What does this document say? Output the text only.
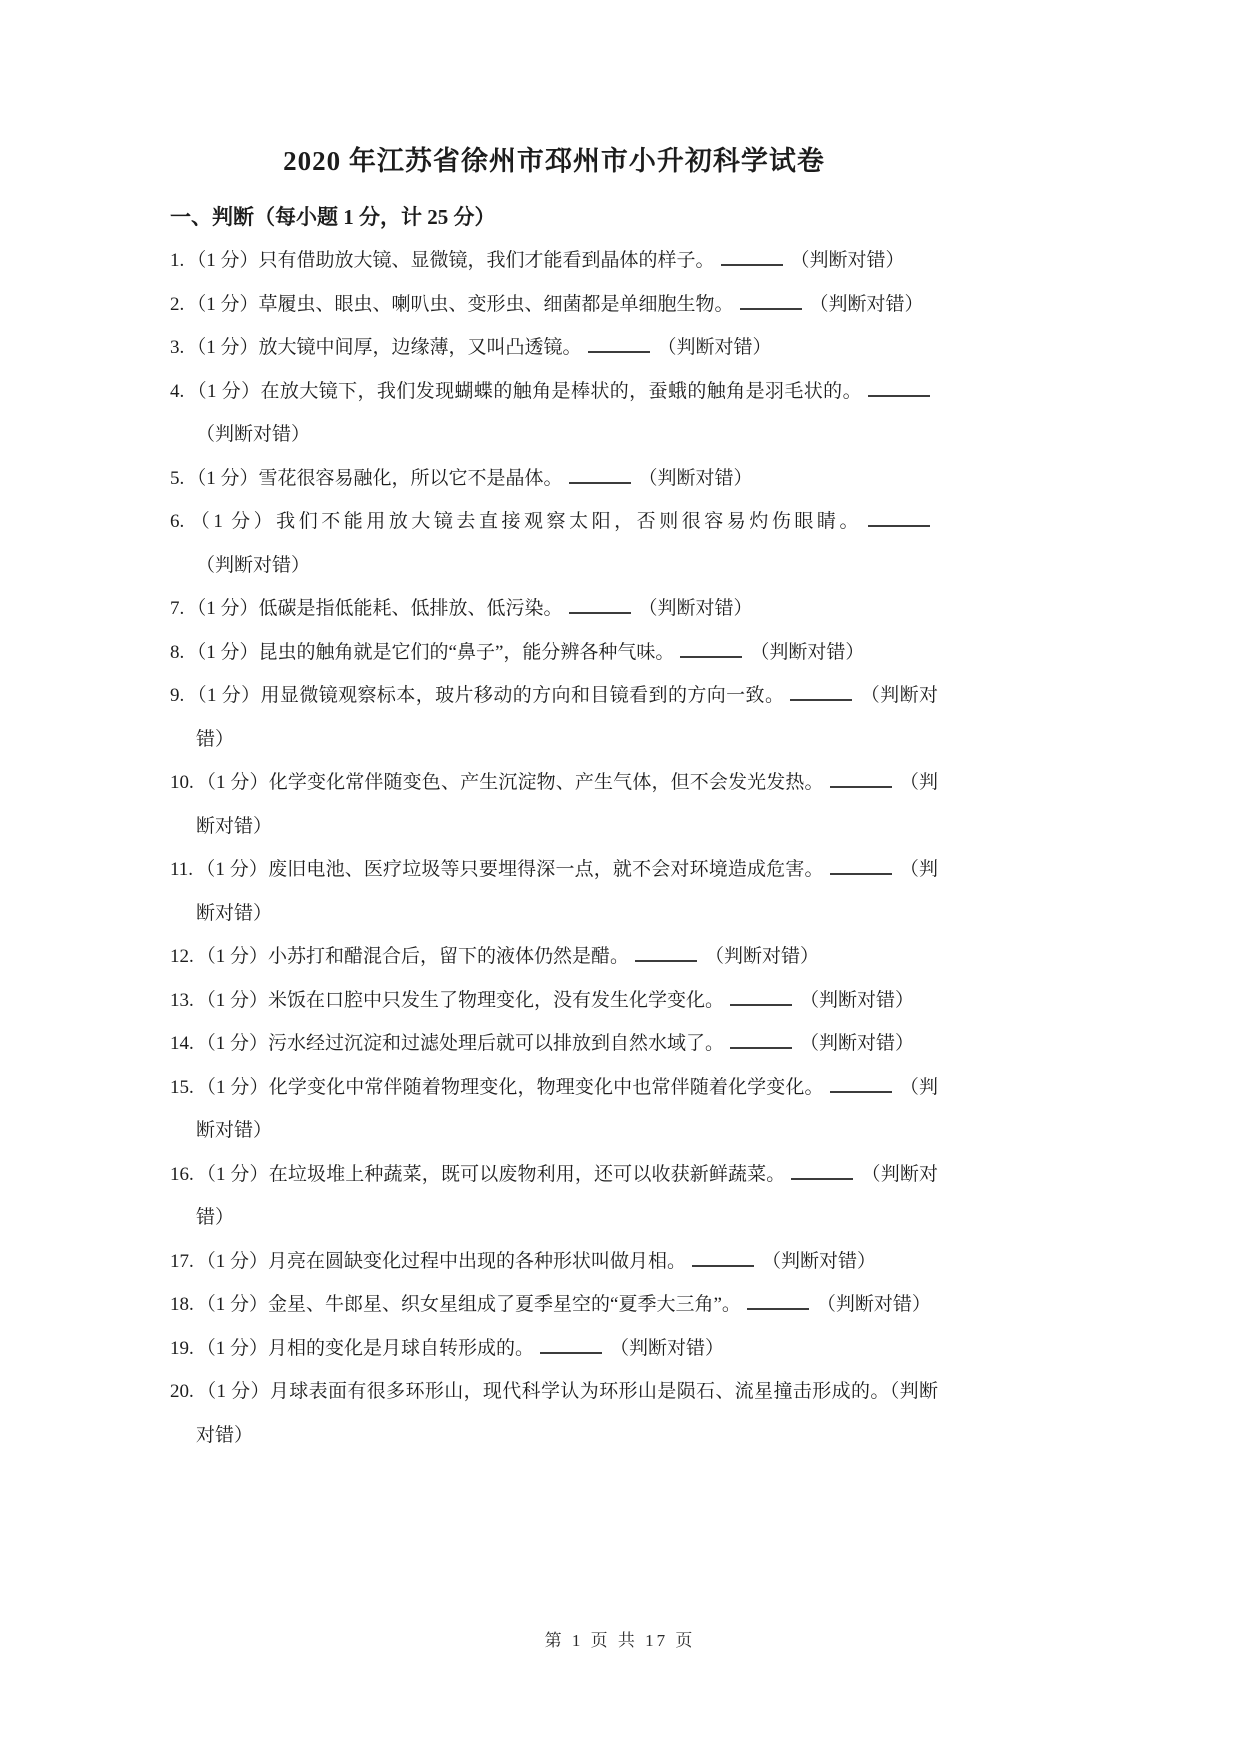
2020 年江苏省徐州市邳州市小升初科学试卷

一、判断（每小题 1 分，计 25 分）

1. （1 分）只有借助放大镜、显微镜，我们才能看到晶体的样子。	（判断对错）

2. （1 分）草履虫、眼虫、喇叭虫、变形虫、细菌都是单细胞生物。	（判断对错）

3. （1 分）放大镜中间厚，边缘薄，又叫凸透镜。	（判断对错）

4. （1 分）在放大镜下，我们发现蝴蝶的触角是棒状的，蚕蛾的触角是羽毛状的。（判断对错）

5. （1 分）雪花很容易融化，所以它不是晶体。	（判断对错）

6. （1 分）我们不能用放大镜去直接观察太阳，否则很容易灼伤眼睛。（判断对错）

7. （1 分）低碳是指低能耗、低排放、低污染。	（判断对错）

8. （1 分）昆虫的触角就是它们的“鼻子”，能分辨各种气味。	（判断对错）

9. （1 分）用显微镜观察标本，玻片移动的方向和目镜看到的方向一致。	（判断对错）

10. （1 分）化学变化常伴随变色、产生沉淀物、产生气体，但不会发光发热。	（判断对错）

11. （1 分）废旧电池、医疗垃圾等只要埋得深一点，就不会对环境造成危害。	（判断对错）

12. （1 分）小苏打和醋混合后，留下的液体仍然是醋。	（判断对错）

13. （1 分）米饭在口腔中只发生了物理变化，没有发生化学变化。	（判断对错）

14. （1 分）污水经过沉淀和过滤处理后就可以排放到自然水域了。	（判断对错）

15. （1 分）化学变化中常伴随着物理变化，物理变化中也常伴随着化学变化。	（判断对错）

16. （1 分）在垃圾堆上种蔬菜，既可以废物利用，还可以收获新鲜蔬菜。	（判断对错）

17. （1 分）月亮在圆缺变化过程中出现的各种形状叫做月相。	（判断对错）

18. （1 分）金星、牛郎星、织女星组成了夏季星空的“夏季大三角”。	（判断对错）

19. （1 分）月相的变化是月球自转形成的。	（判断对错）

20. （1 分）月球表面有很多环形山，现代科学认为环形山是陨石、流星撞击形成的。（判断对错）

第 1 页 共 17 页
